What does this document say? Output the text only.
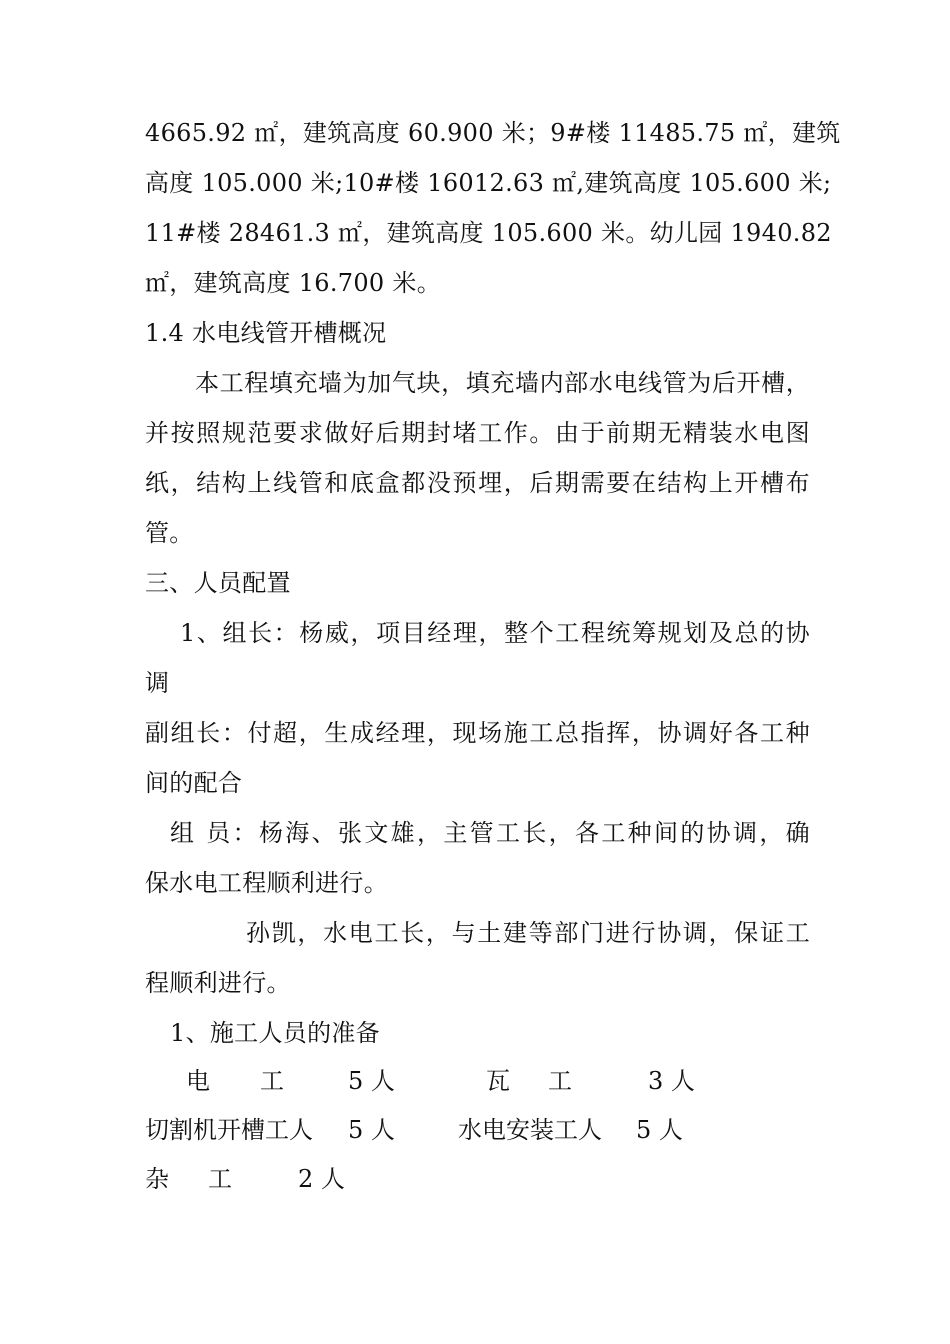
4665.92 ㎡，建筑高度 60.900 米；9#楼 11485.75 ㎡，建筑
高度 105.000 米;10#楼 16012.63 ㎡,建筑高度 105.600 米;
11#楼 28461.3 ㎡，建筑高度 105.600 米。幼儿园 1940.82
㎡，建筑高度 16.700 米。
1.4 水电线管开槽概况
本工程填充墙为加气块，填充墙内部水电线管为后开槽，
并按照规范要求做好后期封堵工作。由于前期无精装水电图
纸，结构上线管和底盒都没预埋，后期需要在结构上开槽布
管。
三、人员配置
1、组长：杨威，项目经理，整个工程统筹规划及总的协
调
副组长：付超，生成经理，现场施工总指挥，协调好各工种
间的配合
组 员：杨海、张文雄，主管工长，各工种间的协调，确
保水电工程顺利进行。
孙凯，水电工长，与土建等部门进行协调，保证工
程顺利进行。
1、施工人员的准备
电 工	5 人	瓦 工	3 人
切割机开槽工人 5 人	水电安装工人 5 人
杂 工	2 人
